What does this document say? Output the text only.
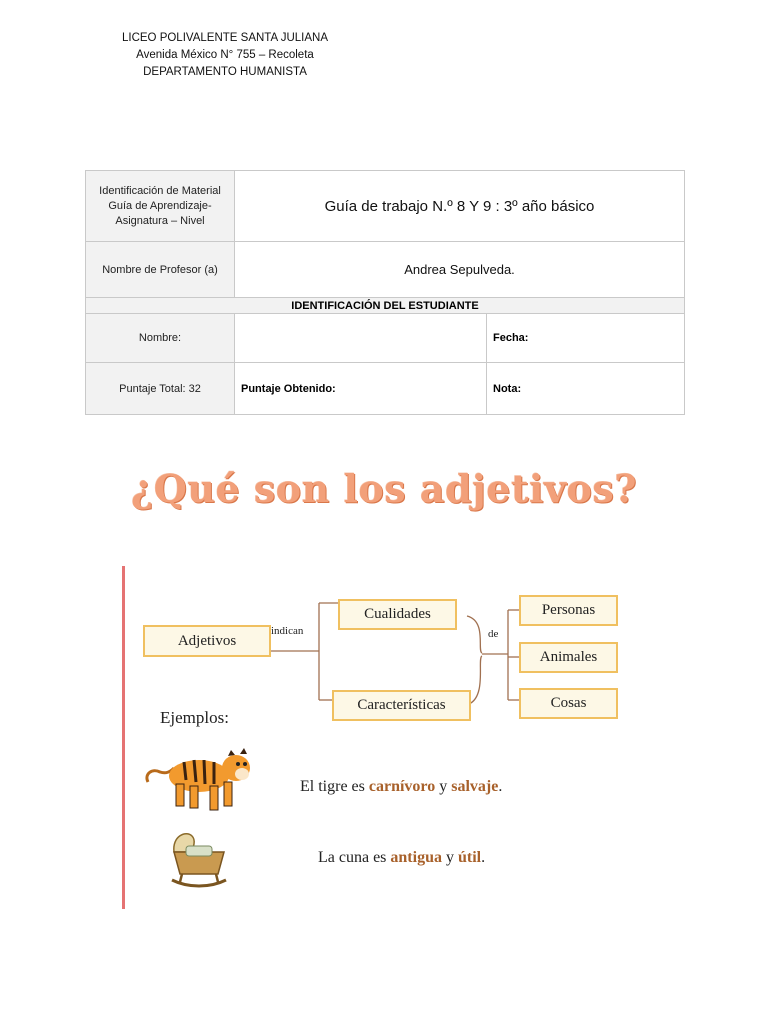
LICEO POLIVALENTE SANTA JULIANA
Avenida México N° 755 – Recoleta
DEPARTAMENTO HUMANISTA
Identificación de Material Guía de Aprendizaje- Asignatura – Nivel	Guía de trabajo N.º 8 Y 9 : 3º año básico	
Nombre de Profesor (a)	Andrea Sepulveda.	
IDENTIFICACIÓN DEL ESTUDIANTE		
Nombre:		Fecha:
Puntaje Total: 32	Puntaje Obtenido:	Nota:
¿Qué son los adjetivos?
Adjetivos
indican
Cualidades
Características
de
Personas
Animales
Cosas
Ejemplos:
El tigre es carnívoro y salvaje.
La cuna es antigua y útil.
